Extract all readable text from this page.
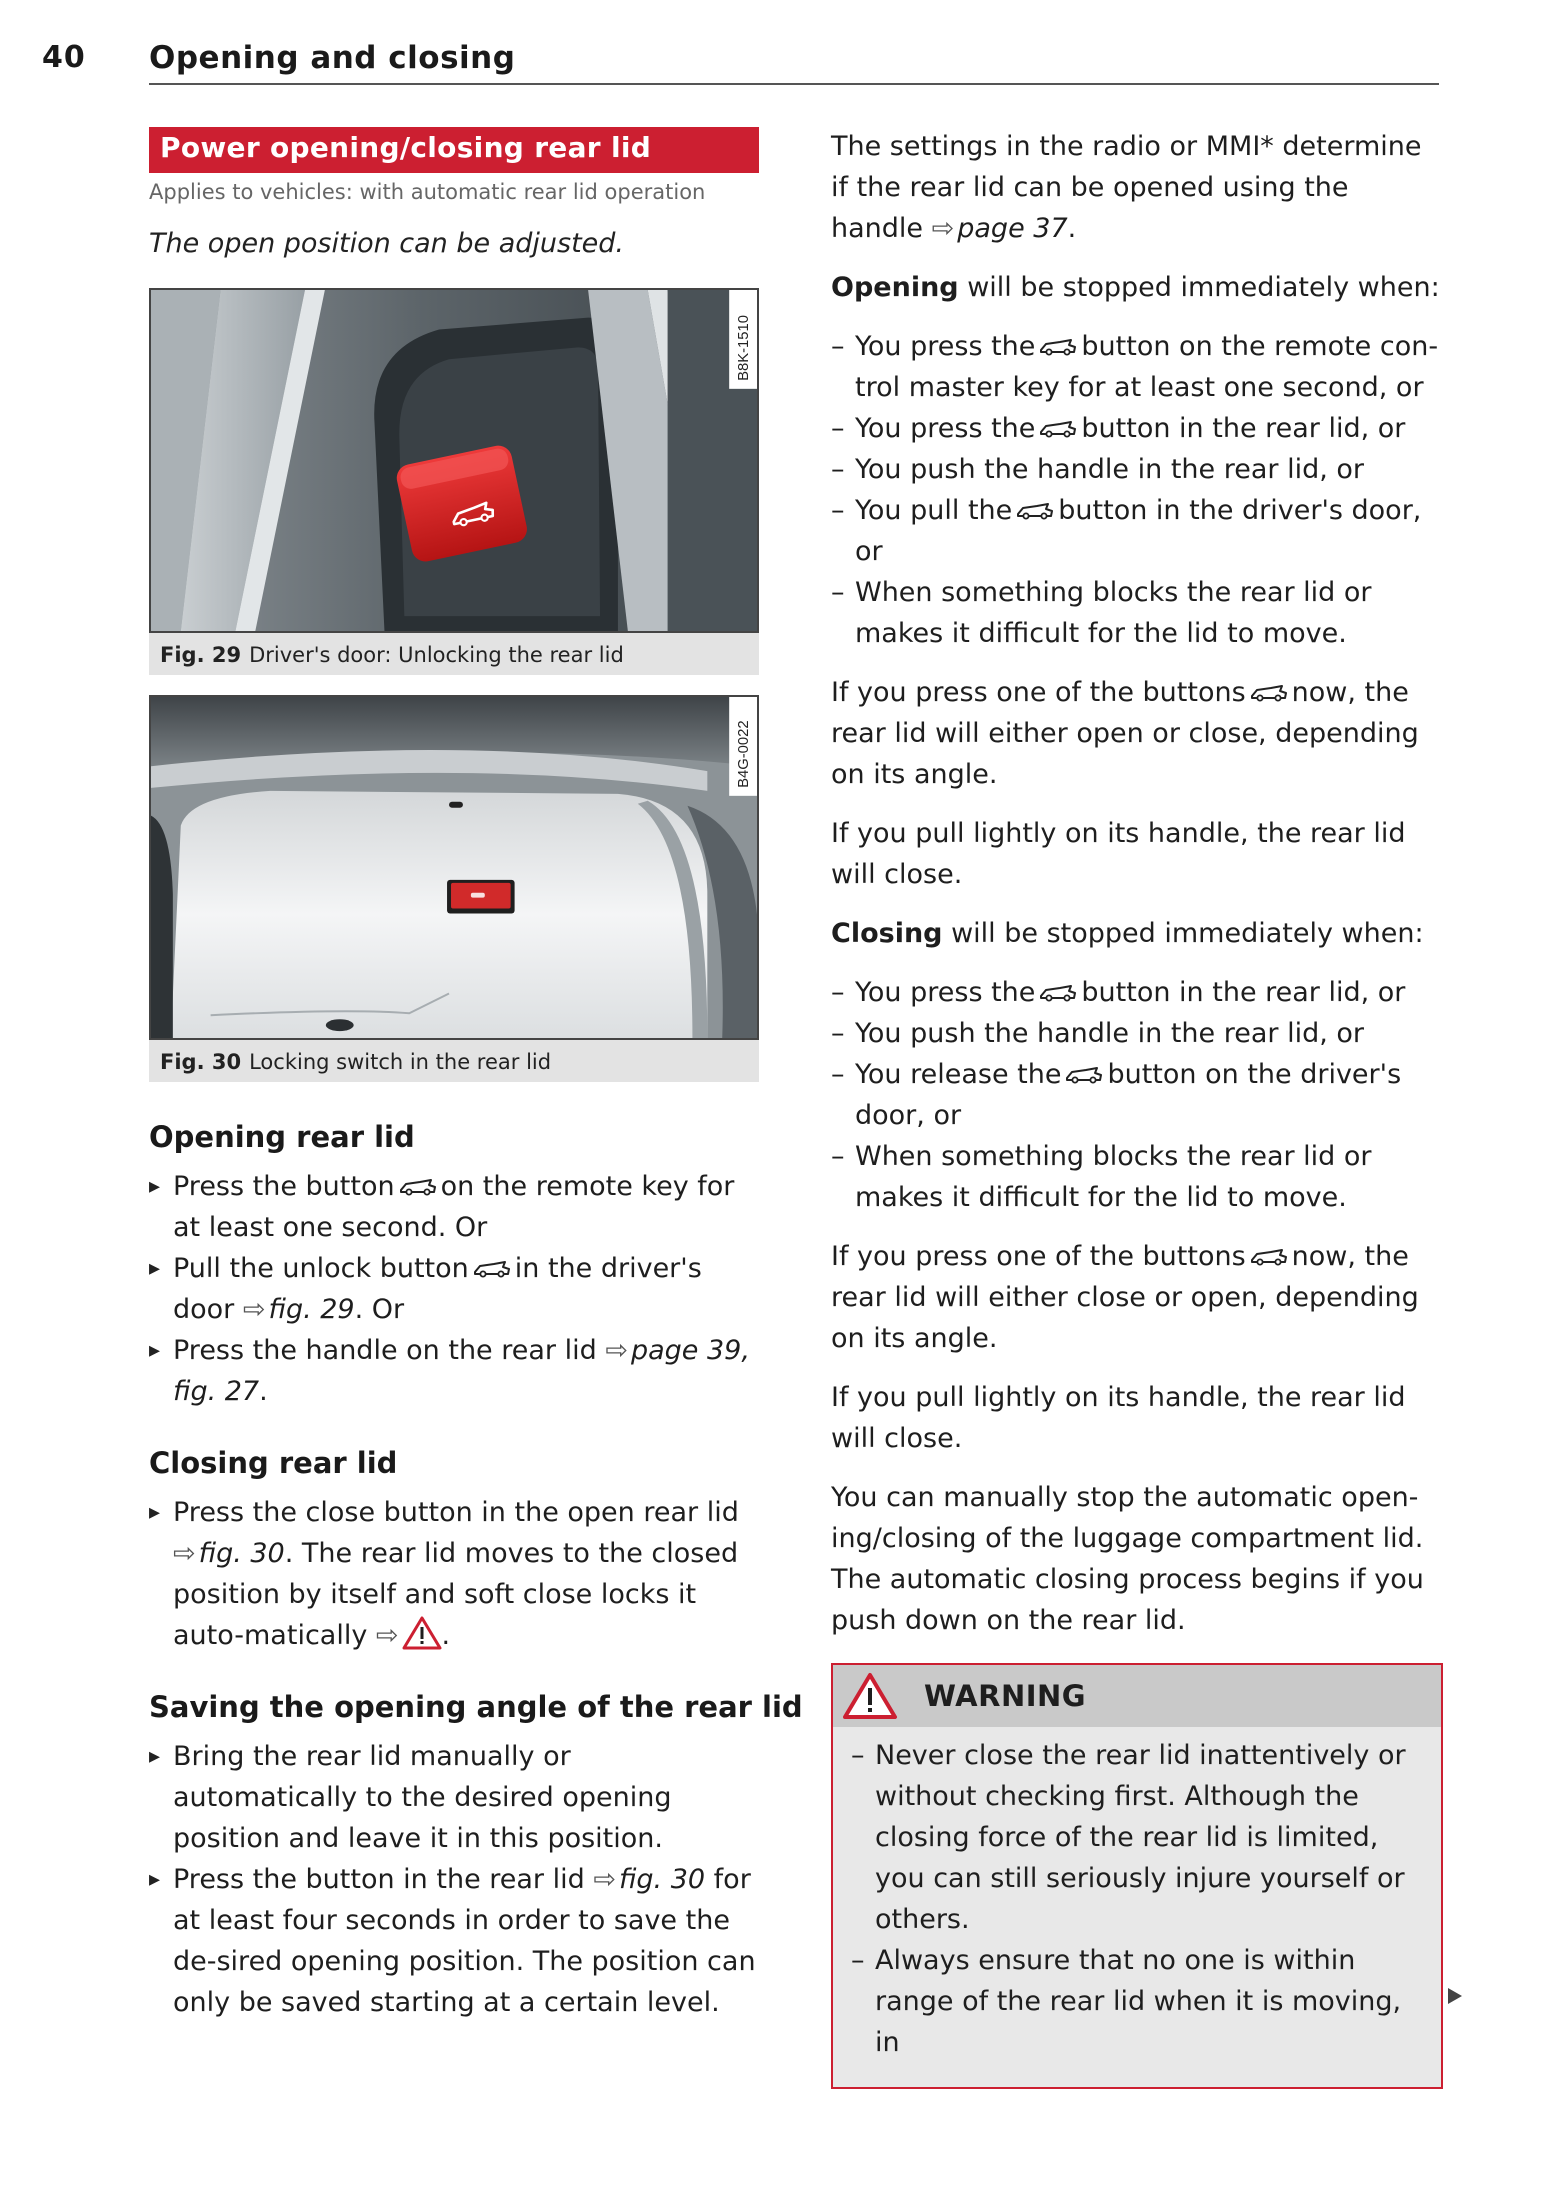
40 Opening and closing
Power opening/closing rear lid
Applies to vehicles: with automatic rear lid operation
The open position can be adjusted.
B8K-1510
Fig. 29 Driver's door: Unlocking the rear lid
B4G-0022
Fig. 30 Locking switch in the rear lid
Opening rear lid
▸ Press the button on the remote key for at least one second. Or
▸ Pull the unlock button in the driver's door ⇨ fig. 29. Or
▸ Press the handle on the rear lid ⇨ page 39, fig. 27.
Closing rear lid
▸ Press the close button in the open rear lid ⇨ fig. 30. The rear lid moves to the closed position by itself and soft close locks it auto-matically ⇨ .
Saving the opening angle of the rear lid
▸ Bring the rear lid manually or automatically to the desired opening position and leave it in this position.
▸ Press the button in the rear lid ⇨ fig. 30 for at least four seconds in order to save the de-sired opening position. The position can only be saved starting at a certain level.

The settings in the radio or MMI* determine if the rear lid can be opened using the handle ⇨ page 37.

Opening will be stopped immediately when:

– You press the button on the remote con-trol master key for at least one second, or
– You press the button in the rear lid, or
– You push the handle in the rear lid, or
– You pull the button in the driver's door, or
– When something blocks the rear lid or makes it difficult for the lid to move.

If you press one of the buttons now, the rear lid will either open or close, depending on its angle.

If you pull lightly on its handle, the rear lid will close.

Closing will be stopped immediately when:

– You press the button in the rear lid, or
– You push the handle in the rear lid, or
– You release the button on the driver's door, or
– When something blocks the rear lid or makes it difficult for the lid to move.

If you press one of the buttons now, the rear lid will either close or open, depending on its angle.

If you pull lightly on its handle, the rear lid will close.

You can manually stop the automatic open-ing/closing of the luggage compartment lid. The automatic closing process begins if you push down on the rear lid.

WARNING
– Never close the rear lid inattentively or without checking first. Although the closing force of the rear lid is limited, you can still seriously injure yourself or others.
– Always ensure that no one is within range of the rear lid when it is moving, in
